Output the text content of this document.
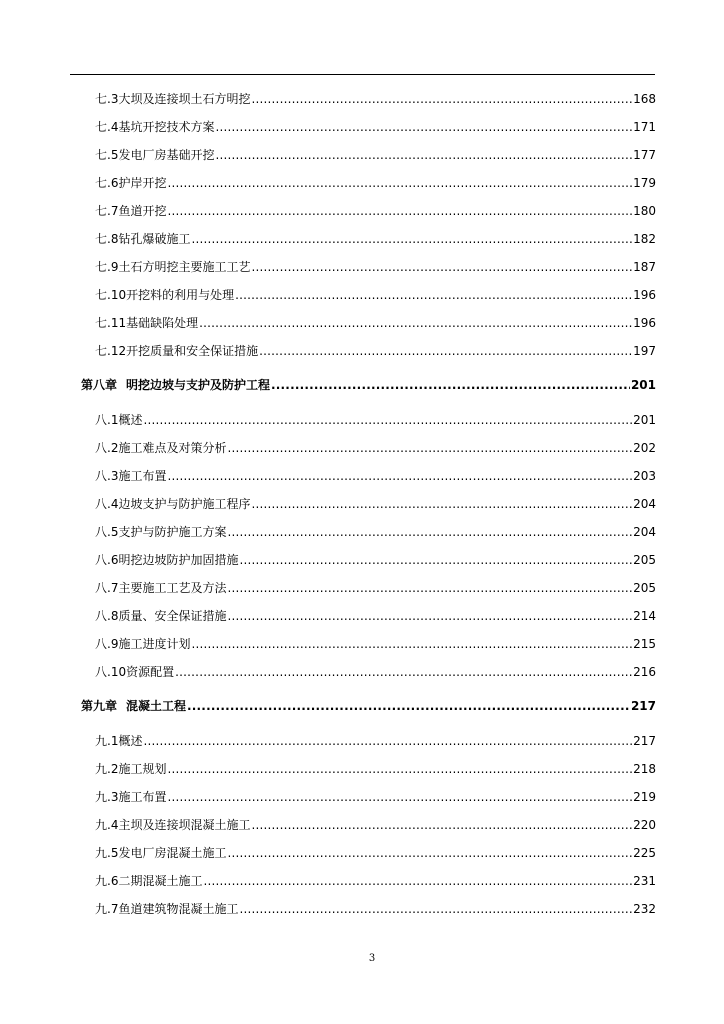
七.3 大坝及连接坝土石方明挖 .....	168
七.4 基坑开挖技术方案 .....	171
七.5 发电厂房基础开挖 .....	177
七.6 护岸开挖 .....	179
七.7 鱼道开挖 .....	180
七.8 钻孔爆破施工 .....	182
七.9 土石方明挖主要施工工艺 .....	187
七.10 开挖料的利用与处理 .....	196
七.11 基础缺陷处理 .....	196
七.12 开挖质量和安全保证措施 .....	197
第八章 明挖边坡与支护及防护工程 .....	201
八.1 概述 .....	201
八.2 施工难点及对策分析 .....	202
八.3 施工布置 .....	203
八.4 边坡支护与防护施工程序 .....	204
八.5 支护与防护施工方案 .....	204
八.6 明挖边坡防护加固措施 .....	205
八.7 主要施工工艺及方法 .....	205
八.8 质量、安全保证措施 .....	214
八.9 施工进度计划 .....	215
八.10 资源配置 .....	216
第九章 混凝土工程 .....	217
九.1 概述 .....	217
九.2 施工规划 .....	218
九.3 施工布置 .....	219
九.4 主坝及连接坝混凝土施工 .....	220
九.5 发电厂房混凝土施工 .....	225
九.6 二期混凝土施工 .....	231
九.7 鱼道建筑物混凝土施工 .....	232
3
